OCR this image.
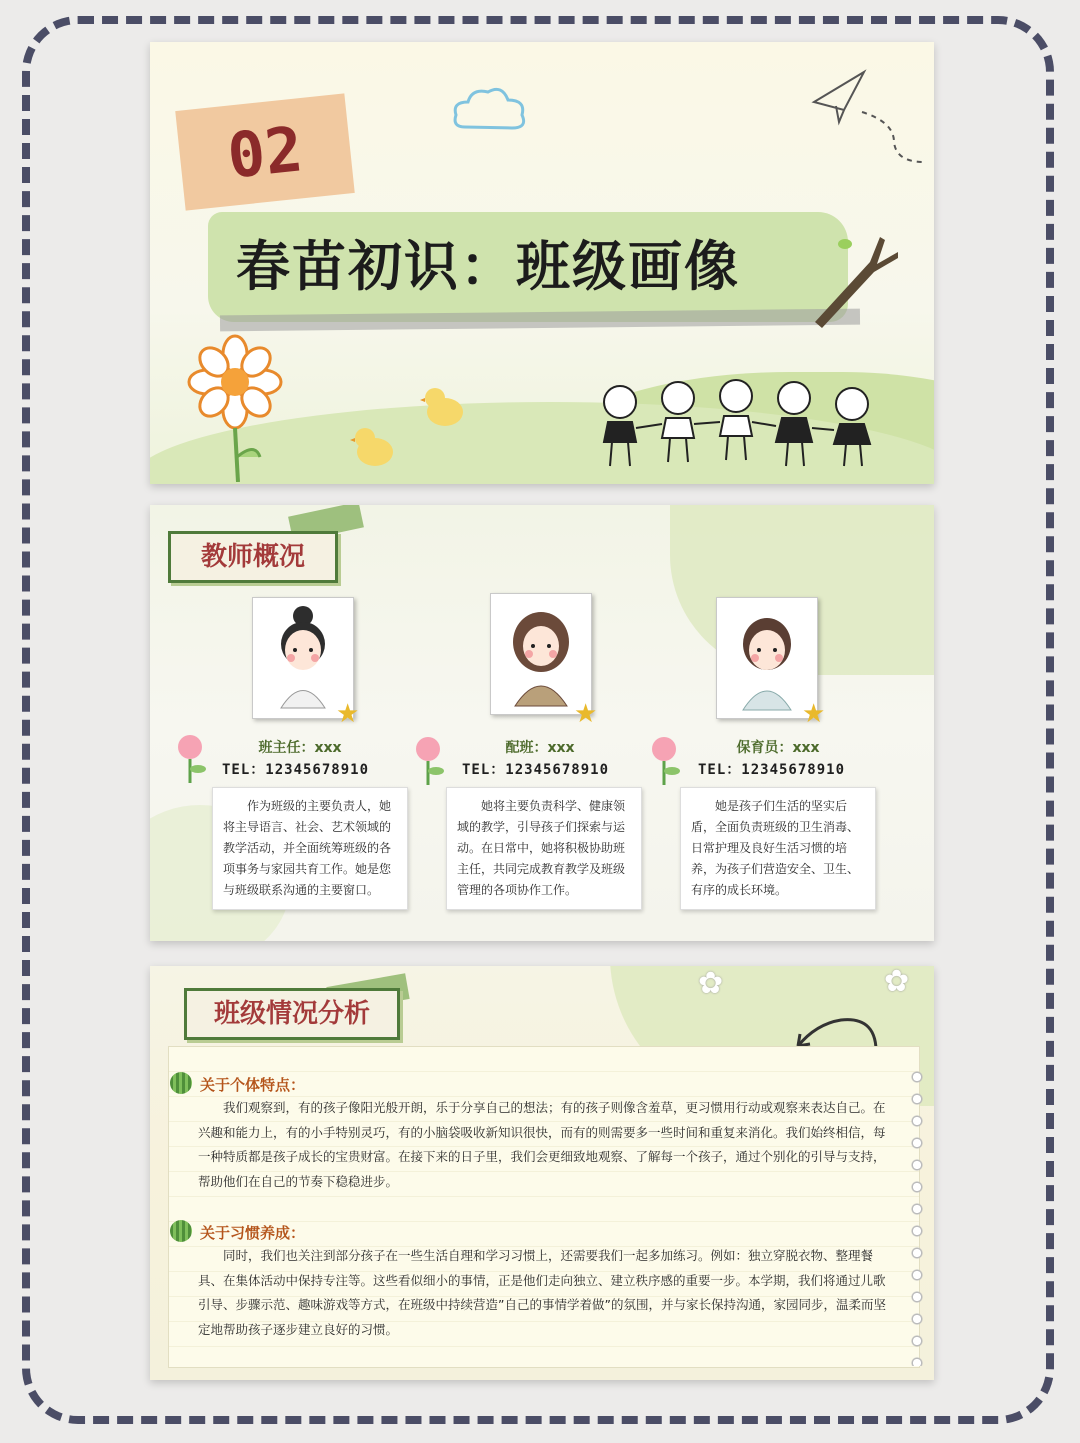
02
春苗初识：班级画像
教师概况
★
班主任：xxx
TEL：12345678910
作为班级的主要负责人，她将主导语言、社会、艺术领域的教学活动，并全面统筹班级的各项事务与家园共育工作。她是您与班级联系沟通的主要窗口。
★
配班：xxx
TEL：12345678910
她将主要负责科学、健康领域的教学，引导孩子们探索与运动。在日常中，她将积极协助班主任，共同完成教育教学及班级管理的各项协作工作。
★
保育员：xxx
TEL：12345678910
她是孩子们生活的坚实后盾，全面负责班级的卫生消毒、日常护理及良好生活习惯的培养，为孩子们营造安全、卫生、有序的成长环境。
✿	✿
班级情况分析
关于个体特点：
我们观察到，有的孩子像阳光般开朗，乐于分享自己的想法；有的孩子则像含羞草，更习惯用行动或观察来表达自己。在兴趣和能力上，有的小手特别灵巧，有的小脑袋吸收新知识很快，而有的则需要多一些时间和重复来消化。我们始终相信，每一种特质都是孩子成长的宝贵财富。在接下来的日子里，我们会更细致地观察、了解每一个孩子，通过个别化的引导与支持，帮助他们在自己的节奏下稳稳进步。
关于习惯养成：
同时，我们也关注到部分孩子在一些生活自理和学习习惯上，还需要我们一起多加练习。例如：独立穿脱衣物、整理餐具、在集体活动中保持专注等。这些看似细小的事情，正是他们走向独立、建立秩序感的重要一步。本学期，我们将通过儿歌引导、步骤示范、趣味游戏等方式，在班级中持续营造”自己的事情学着做”的氛围，并与家长保持沟通，家园同步，温柔而坚定地帮助孩子逐步建立良好的习惯。
